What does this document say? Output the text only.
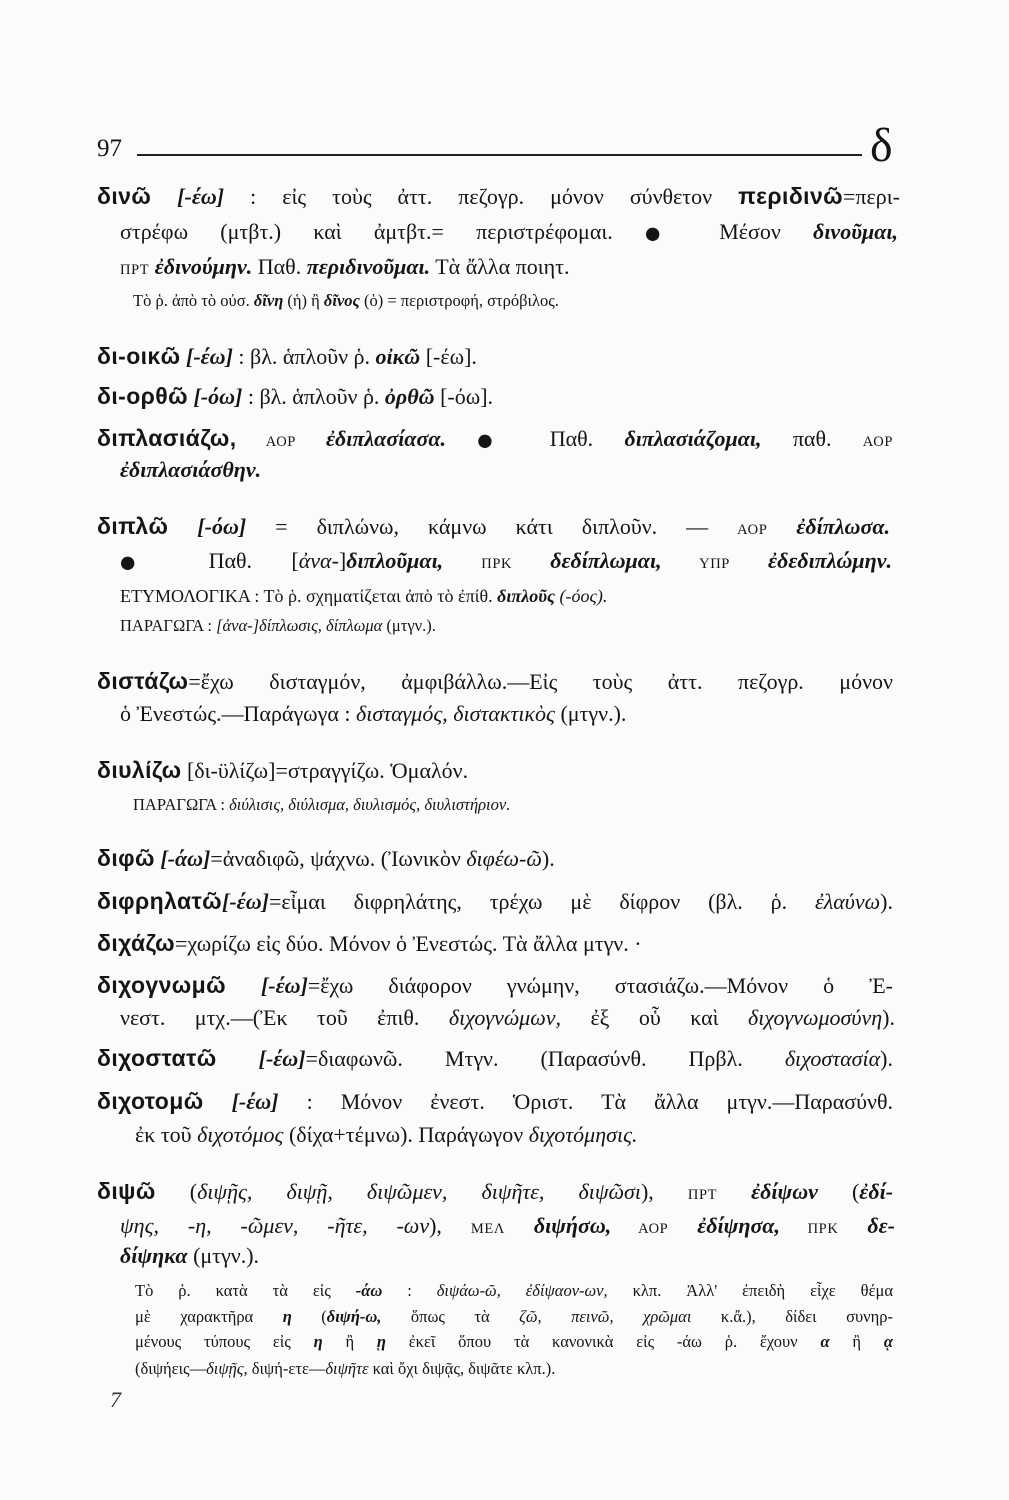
97	δ
δινῶ [-έω] : εἰς τοὺς ἀττ. πεζογρ. μόνον σύνθετον περιδινῶ=περι-
στρέφω (μτβτ.) καὶ ἀμτβτ.= περιστρέφομαι. ● Μέσον δινοῦμαι,
ΠΡΤ ἐδινούμην. Παθ. περιδινοῦμαι. Τὰ ἄλλα ποιητ.
Τὸ ῥ. ἀπὸ τὸ οὐσ. δῖνη (ἡ) ἢ δῖνος (ὁ) = περιστροφή, στρόβιλος.
δι-οικῶ [-έω] : βλ. ἁπλοῦν ῥ. οἰκῶ [-έω].
δι-ορθῶ [-όω] : βλ. ἁπλοῦν ῥ. ὀρθῶ [-όω].
διπλασιάζω, ΑΟΡ ἐδιπλασίασα. ● Παθ. διπλασιάζομαι, παθ. ΑΟΡ
ἐδιπλασιάσθην.
διπλῶ [-όω] = διπλώνω, κάμνω κάτι διπλοῦν. — ΑΟΡ ἐδίπλωσα.
● Παθ. [ἀνα-]διπλοῦμαι, ΠΡΚ δεδίπλωμαι, ΥΠΡ ἐδεδιπλώμην.
ΕΤΥΜΟΛΟΓΙΚΑ : Τὸ ῥ. σχηματίζεται ἀπὸ τὸ ἐπίθ. διπλοῦς (-όος).
ΠΑΡΑΓΩΓΑ : [ἀνα-]δίπλωσις, δίπλωμα (μτγν.).
διστάζω=ἔχω δισταγμόν, ἀμφιβάλλω.—Εἰς τοὺς ἀττ. πεζογρ. μόνον
ὁ Ἐνεστώς.—Παράγωγα : δισταγμός, διστακτικὸς (μτγν.).
διυλίζω [δι-ϋλίζω]=στραγγίζω. Ὁμαλόν.
ΠΑΡΑΓΩΓΑ : διύλισις, διύλισμα, διυλισμός, διυλιστήριον.
διφῶ [-άω]=ἀναδιφῶ, ψάχνω. (Ἰωνικὸν διφέω-ῶ).
διφρηλατῶ[-έω]=εἶμαι διφρηλάτης, τρέχω μὲ δίφρον (βλ. ῥ. ἐλαύνω).
διχάζω=χωρίζω εἰς δύο. Μόνον ὁ Ἐνεστώς. Τὰ ἄλλα μτγν. ·
διχογνωμῶ [-έω]=ἔχω διάφορον γνώμην, στασιάζω.—Μόνον ὁ Ἐ-
νεστ. μτχ.—(Ἐκ τοῦ ἐπιθ. διχογνώμων, ἐξ οὗ καὶ διχογνωμοσύνη).
διχοστατῶ [-έω]=διαφωνῶ. Μτγν. (Παρασύνθ. Πρβλ. διχοστασία).
διχοτομῶ [-έω] : Μόνον ἐνεστ. Ὁριστ. Τὰ ἄλλα μτγν.—Παρασύνθ.
ἐκ τοῦ διχοτόμος (δίχα+τέμνω). Παράγωγον διχοτόμησις.
διψῶ (διψῇς, διψῇ, διψῶμεν, διψῆτε, διψῶσι), ΠΡΤ ἐδίψων (ἐδί-
ψης, -η, -ῶμεν, -ῆτε, -ων), ΜΕΛ διψήσω, ΑΟΡ ἐδίψησα, ΠΡΚ δε-
δίψηκα (μτγν.).
Τὸ ῥ. κατὰ τὰ εἰς -άω : διψάω-ῶ, ἐδίψαον-ων, κλπ. Ἀλλ' ἐπειδὴ εἶχε θέμα
μὲ χαρακτῆρα η (διψή-ω, ὅπως τὰ ζῶ, πεινῶ, χρῶμαι κ.ἄ.), δίδει συνηρ-
μένους τύπους εἰς η ἢ ῃ ἐκεῖ ὅπου τὰ κανονικὰ εἰς -άω ῥ. ἔχουν α ἢ ᾳ
(διψήεις—διψῇς, διψή-ετε—διψῆτε καὶ ὄχι διψᾷς, διψᾶτε κλπ.).
7
